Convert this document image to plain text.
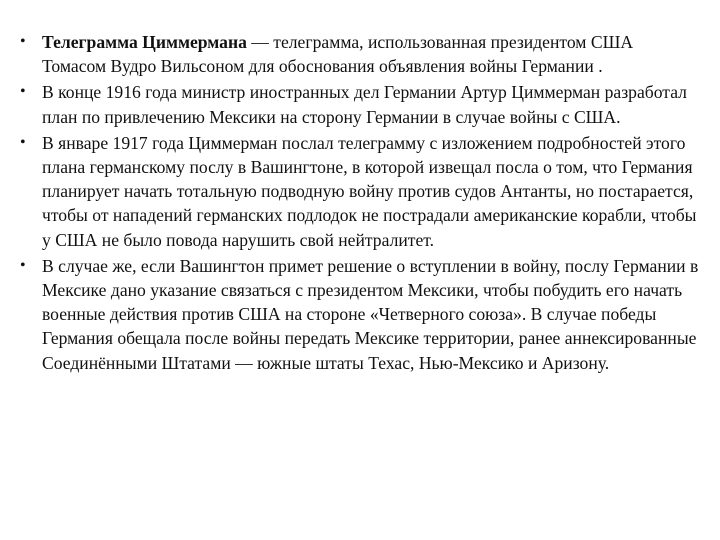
• Телеграмма Циммермана — телеграмма, использованная президентом США Томасом Вудро Вильсоном для обоснования объявления войны Германии .
• В конце 1916 года министр иностранных дел Германии Артур Циммерман разработал план по привлечению Мексики на сторону Германии в случае войны с США.
• В январе 1917 года Циммерман послал телеграмму с изложением подробностей этого плана германскому послу в Вашингтоне, в которой извещал посла о том, что Германия планирует начать тотальную подводную войну против судов Антанты, но постарается, чтобы от нападений германских подлодок не пострадали американские корабли, чтобы у США не было повода нарушить свой нейтралитет.
• В случае же, если Вашингтон примет решение о вступлении в войну, послу Германии в Мексике дано указание связаться с президентом Мексики, чтобы побудить его начать военные действия против США на стороне «Четверного союза». В случае победы Германия обещала после войны передать Мексике территории, ранее аннексированные Соединёнными Штатами — южные штаты Техас, Нью-Мексико и Аризону.
